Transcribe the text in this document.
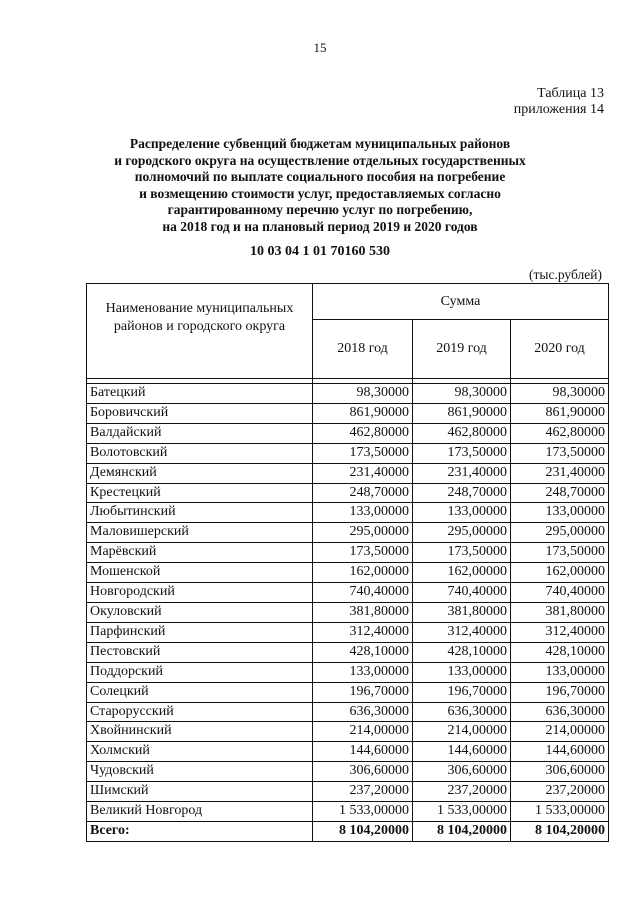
15
Таблица 13
приложения 14
Распределение субвенций бюджетам муниципальных районов
и городского округа на осуществление отдельных государственных
полномочий по выплате социального пособия на погребение
и возмещению стоимости услуг, предоставляемых согласно
гарантированному перечню услуг по погребению,
на 2018 год и на плановый период 2019 и 2020 годов
10 03 04 1 01 70160 530
(тыс.рублей)
Наименование муниципальных районов и городского округа	Сумма		
	2018 год	2019 год	2020 год

Батецкий	98,30000	98,30000	98,30000
Боровичский	861,90000	861,90000	861,90000
Валдайский	462,80000	462,80000	462,80000
Волотовский	173,50000	173,50000	173,50000
Демянский	231,40000	231,40000	231,40000
Крестецкий	248,70000	248,70000	248,70000
Любытинский	133,00000	133,00000	133,00000
Маловишерский	295,00000	295,00000	295,00000
Марёвский	173,50000	173,50000	173,50000
Мошенской	162,00000	162,00000	162,00000
Новгородский	740,40000	740,40000	740,40000
Окуловский	381,80000	381,80000	381,80000
Парфинский	312,40000	312,40000	312,40000
Пестовский	428,10000	428,10000	428,10000
Поддорский	133,00000	133,00000	133,00000
Солецкий	196,70000	196,70000	196,70000
Старорусский	636,30000	636,30000	636,30000
Хвойнинский	214,00000	214,00000	214,00000
Холмский	144,60000	144,60000	144,60000
Чудовский	306,60000	306,60000	306,60000
Шимский	237,20000	237,20000	237,20000
Великий Новгород	1 533,00000	1 533,00000	1 533,00000
Всего:	8 104,20000	8 104,20000	8 104,20000
